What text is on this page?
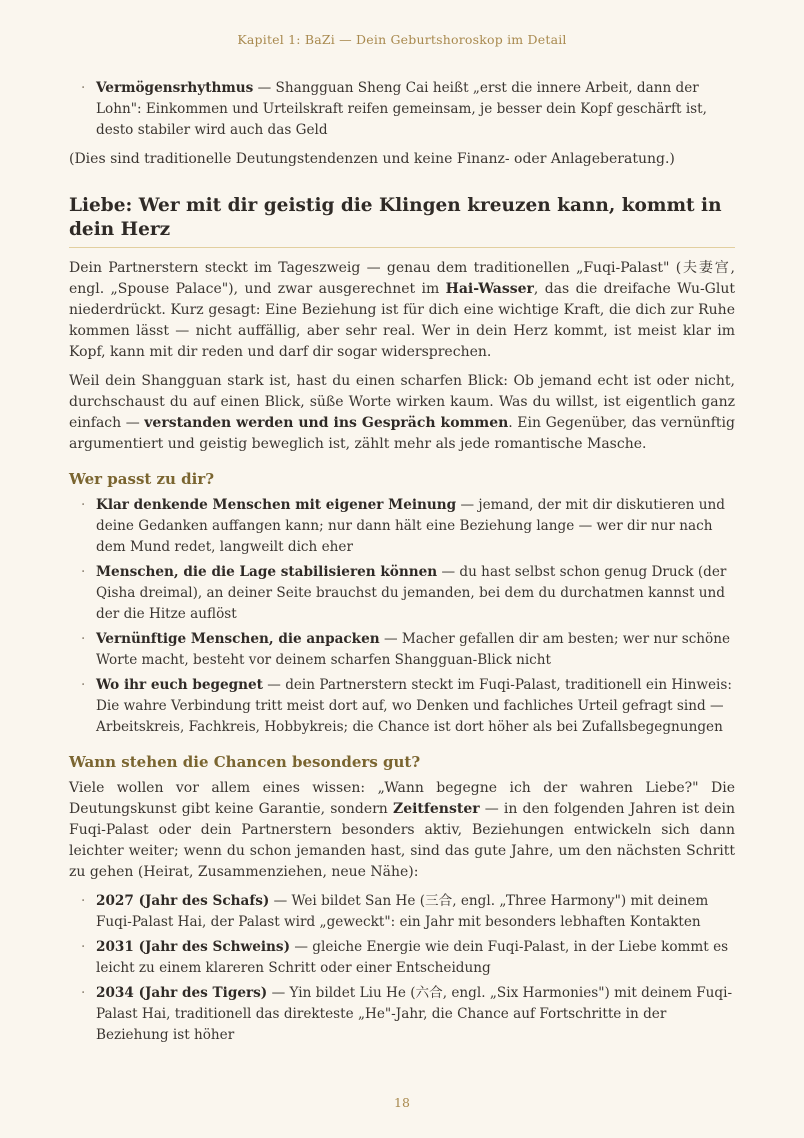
Kapitel 1: BaZi — Dein Geburtshoroskop im Detail
· Vermögensrhythmus — Shangguan Sheng Cai heißt „erst die innere Arbeit, dann der Lohn": Einkommen und Urteilskraft reifen gemeinsam, je besser dein Kopf geschärft ist, desto stabiler wird auch das Geld

(Dies sind traditionelle Deutungstendenzen und keine Finanz- oder Anlageberatung.)

Liebe: Wer mit dir geistig die Klingen kreuzen kann, kommt in dein Herz

Dein Partnerstern steckt im Tageszweig — genau dem traditionellen „Fuqi-Palast" (夫妻宫, engl. „Spouse Palace"), und zwar ausgerechnet im Hai-Wasser, das die dreifache Wu-Glut niederdrückt. Kurz gesagt: Eine Beziehung ist für dich eine wichtige Kraft, die dich zur Ruhe kommen lässt — nicht auffällig, aber sehr real. Wer in dein Herz kommt, ist meist klar im Kopf, kann mit dir reden und darf dir sogar widersprechen.

Weil dein Shangguan stark ist, hast du einen scharfen Blick: Ob jemand echt ist oder nicht, durchschaust du auf einen Blick, süße Worte wirken kaum. Was du willst, ist eigentlich ganz einfach — verstanden werden und ins Gespräch kommen. Ein Gegenüber, das vernünftig argumentiert und geistig beweglich ist, zählt mehr als jede romantische Masche.

Wer passt zu dir?
· Klar denkende Menschen mit eigener Meinung — jemand, der mit dir diskutieren und deine Gedanken auffangen kann; nur dann hält eine Beziehung lange — wer dir nur nach dem Mund redet, langweilt dich eher
· Menschen, die die Lage stabilisieren können — du hast selbst schon genug Druck (der Qisha dreimal), an deiner Seite brauchst du jemanden, bei dem du durchatmen kannst und der die Hitze auflöst
· Vernünftige Menschen, die anpacken — Macher gefallen dir am besten; wer nur schöne Worte macht, besteht vor deinem scharfen Shangguan-Blick nicht
· Wo ihr euch begegnet — dein Partnerstern steckt im Fuqi-Palast, traditionell ein Hinweis: Die wahre Verbindung tritt meist dort auf, wo Denken und fachliches Urteil gefragt sind — Arbeitskreis, Fachkreis, Hobbykreis; die Chance ist dort höher als bei Zufallsbegegnungen
Wann stehen die Chancen besonders gut?

Viele wollen vor allem eines wissen: „Wann begegne ich der wahren Liebe?" Die Deutungskunst gibt keine Garantie, sondern Zeitfenster — in den folgenden Jahren ist dein Fuqi-Palast oder dein Partnerstern besonders aktiv, Beziehungen entwickeln sich dann leichter weiter; wenn du schon jemanden hast, sind das gute Jahre, um den nächsten Schritt zu gehen (Heirat, Zusammenziehen, neue Nähe):

· 2027 (Jahr des Schafs) — Wei bildet San He (三合, engl. „Three Harmony") mit deinem Fuqi-Palast Hai, der Palast wird „geweckt": ein Jahr mit besonders lebhaften Kontakten
· 2031 (Jahr des Schweins) — gleiche Energie wie dein Fuqi-Palast, in der Liebe kommt es leicht zu einem klareren Schritt oder einer Entscheidung
· 2034 (Jahr des Tigers) — Yin bildet Liu He (六合, engl. „Six Harmonies") mit deinem Fuqi-Palast Hai, traditionell das direkteste „He"-Jahr, die Chance auf Fortschritte in der Beziehung ist höher
18
